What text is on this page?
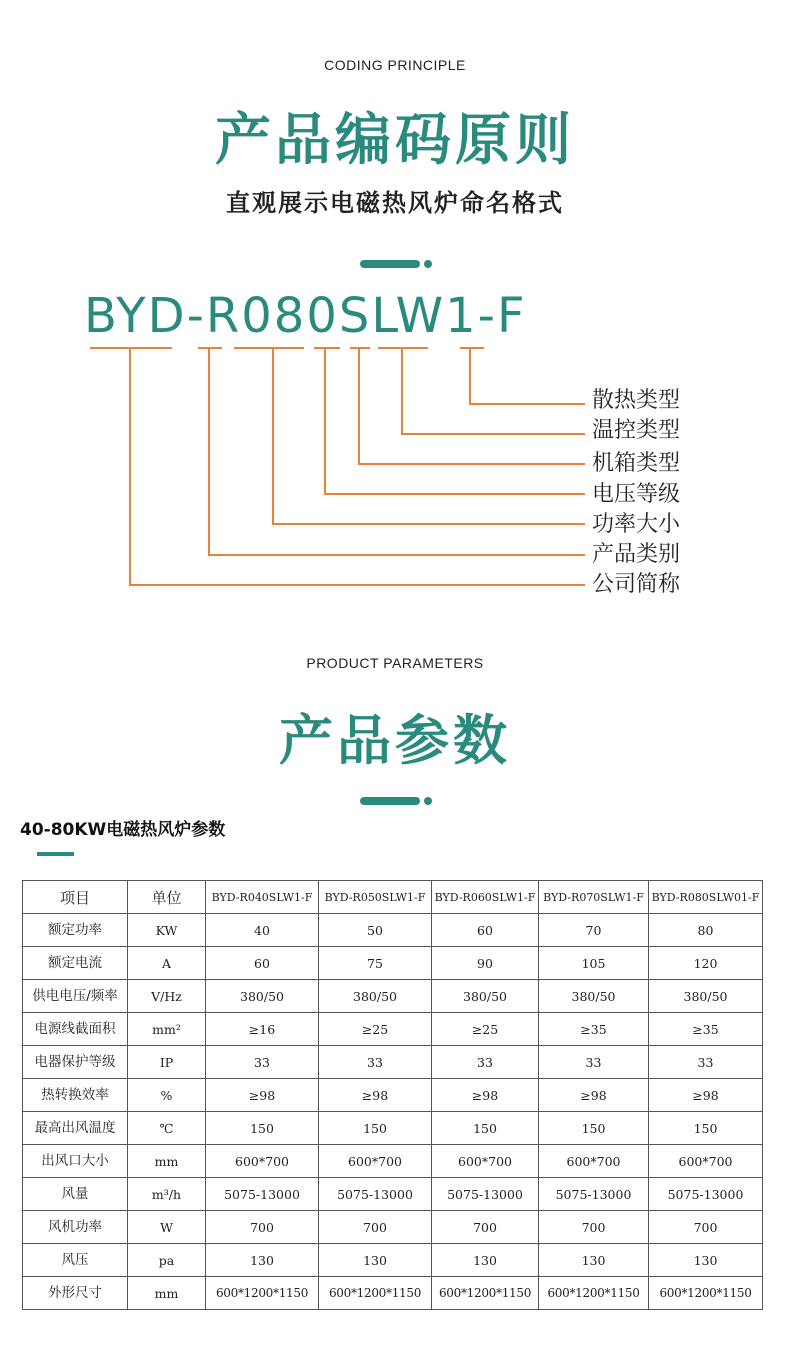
CODING PRINCIPLE
产品编码原则
直观展示电磁热风炉命名格式
BYD-R080SLW1-F
散热类型
温控类型
机箱类型
电压等级
功率大小
产品类别
公司简称
PRODUCT PARAMETERS
产品参数
40-80KW电磁热风炉参数
项目	单位	BYD-R040SLW1-F	BYD-R050SLW1-F	BYD-R060SLW1-F	BYD-R070SLW1-F	BYD-R080SLW01-F
额定功率	KW	40	50	60	70	80
额定电流	A	60	75	90	105	120
供电电压/频率	V/Hz	380/50	380/50	380/50	380/50	380/50
电源线截面积	mm²	≥16	≥25	≥25	≥35	≥35
电器保护等级	IP	33	33	33	33	33
热转换效率	%	≥98	≥98	≥98	≥98	≥98
最高出风温度	℃	150	150	150	150	150
出风口大小	mm	600*700	600*700	600*700	600*700	600*700
风量	m³/h	5075-13000	5075-13000	5075-13000	5075-13000	5075-13000
风机功率	W	700	700	700	700	700
风压	pa	130	130	130	130	130
外形尺寸	mm	600*1200*1150	600*1200*1150	600*1200*1150	600*1200*1150	600*1200*1150
